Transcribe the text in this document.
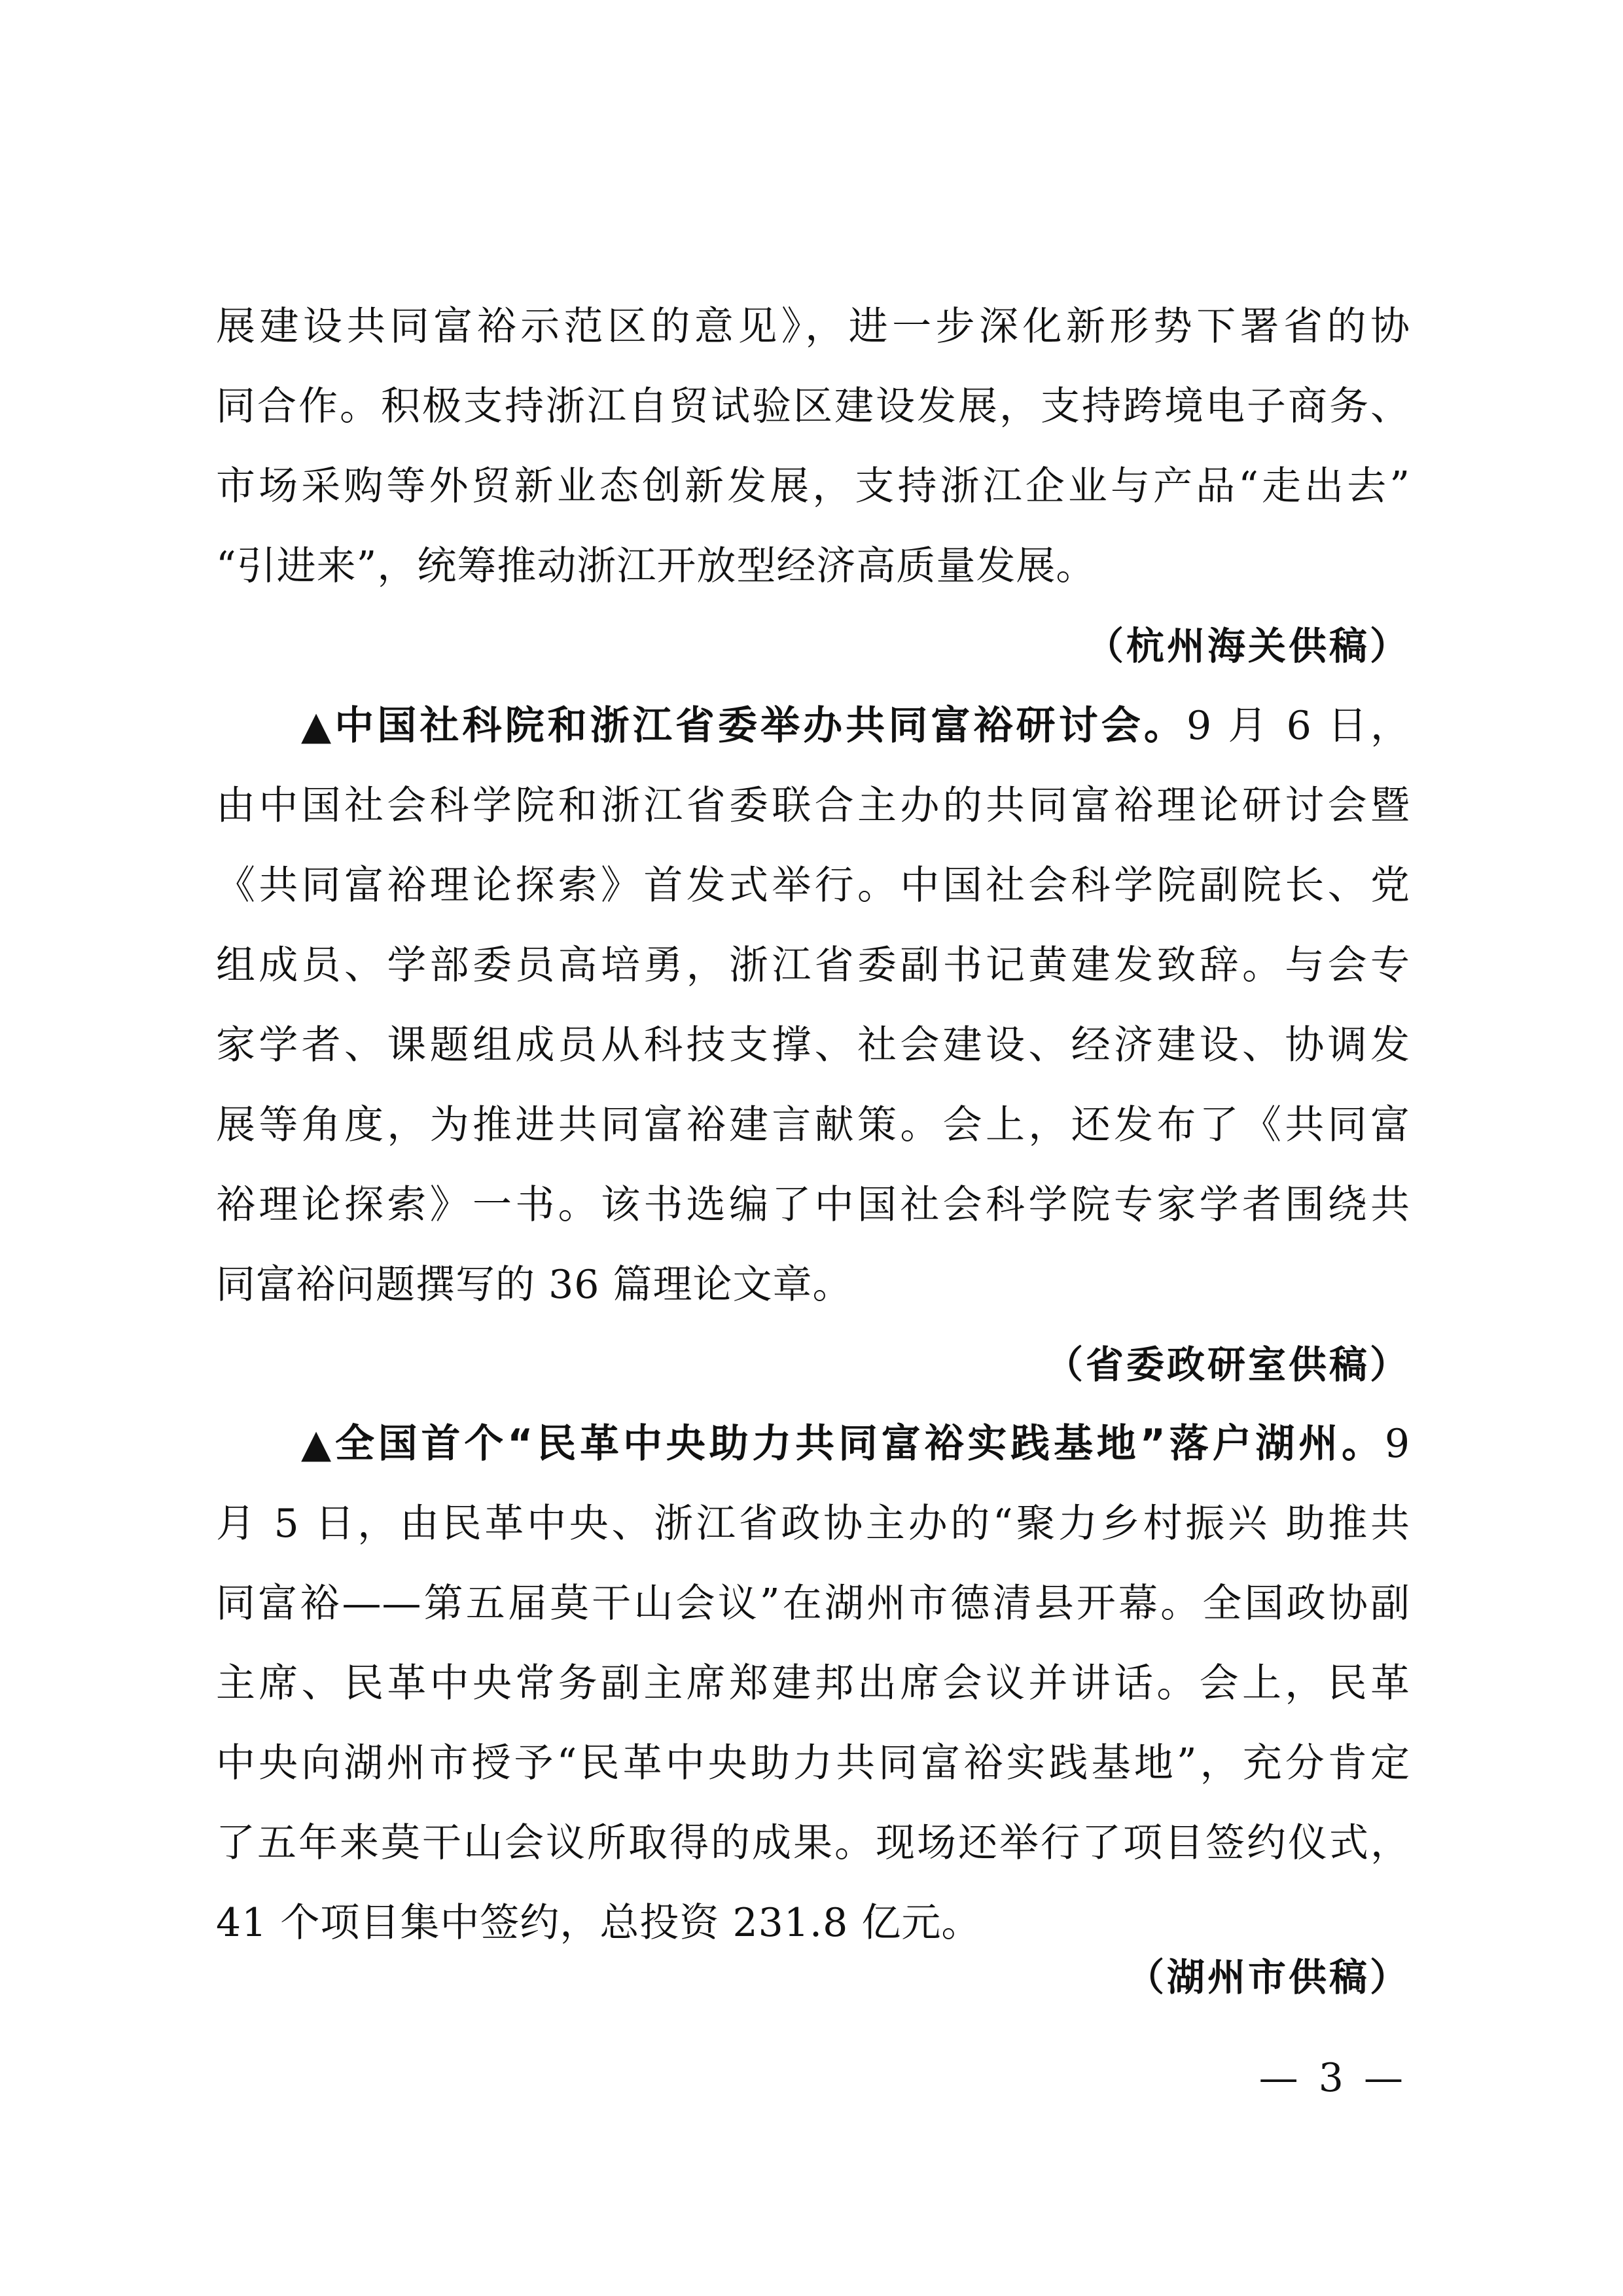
展建设共同富裕示范区的意见》，进一步深化新形势下署省的协
同合作。积极支持浙江自贸试验区建设发展，支持跨境电子商务、
市场采购等外贸新业态创新发展，支持浙江企业与产品“走出去”
“引进来”，统筹推动浙江开放型经济高质量发展。
（杭州海关供稿）
▲中国社科院和浙江省委举办共同富裕研讨会。9 月 6 日，
由中国社会科学院和浙江省委联合主办的共同富裕理论研讨会暨
《共同富裕理论探索》首发式举行。中国社会科学院副院长、党
组成员、学部委员高培勇，浙江省委副书记黄建发致辞。与会专
家学者、课题组成员从科技支撑、社会建设、经济建设、协调发
展等角度，为推进共同富裕建言献策。会上，还发布了《共同富
裕理论探索》一书。该书选编了中国社会科学院专家学者围绕共
同富裕问题撰写的 36 篇理论文章。
（省委政研室供稿）
▲全国首个“民革中央助力共同富裕实践基地”落户湖州。9
月 5 日，由民革中央、浙江省政协主办的“聚力乡村振兴 助推共
同富裕——第五届莫干山会议”在湖州市德清县开幕。全国政协副
主席、民革中央常务副主席郑建邦出席会议并讲话。会上，民革
中央向湖州市授予“民革中央助力共同富裕实践基地”，充分肯定
了五年来莫干山会议所取得的成果。现场还举行了项目签约仪式，
41 个项目集中签约，总投资 231.8 亿元。
（湖州市供稿）
— 3 —
